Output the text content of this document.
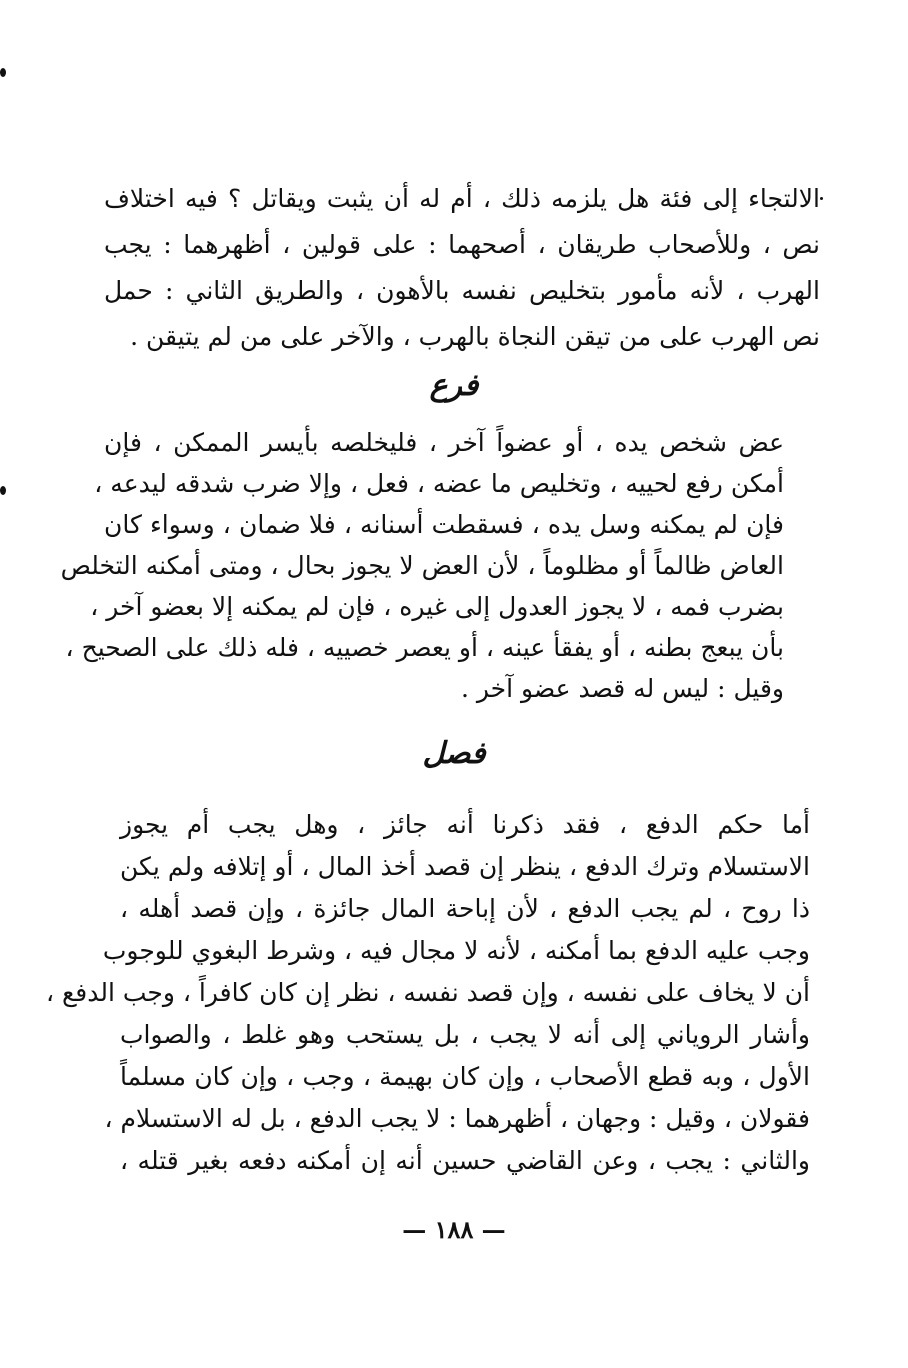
الالتجاء إلى فئة هل يلزمه ذلك ، أم له أن يثبت ويقاتل ؟ فيه اختلاف
نص ، وللأصحاب طريقان ، أصحهما : على قولين ، أظهرهما : يجب
الهرب ، لأنه مأمور بتخليص نفسه بالأهون ، والطريق الثاني : حمل
نص الهرب على من تيقن النجاة بالهرب ، والآخر على من لم يتيقن .
فرع
عض شخص يده ، أو عضواً آخر ، فليخلصه بأيسر الممكن ، فإن
أمكن رفع لحييه ، وتخليص ما عضه ، فعل ، وإلا ضرب شدقه ليدعه ،
فإن لم يمكنه وسل يده ، فسقطت أسنانه ، فلا ضمان ، وسواء كان
العاض ظالماً أو مظلوماً ، لأن العض لا يجوز بحال ، ومتى أمكنه التخلص
بضرب فمه ، لا يجوز العدول إلى غيره ، فإن لم يمكنه إلا بعضو آخر ،
بأن يبعج بطنه ، أو يفقأ عينه ، أو يعصر خصييه ، فله ذلك على الصحيح ،
وقيل : ليس له قصد عضو آخر .
فصل
أما حكم الدفع ، فقد ذكرنا أنه جائز ، وهل يجب أم يجوز
الاستسلام وترك الدفع ، ينظر إن قصد أخذ المال ، أو إتلافه ولم يكن
ذا روح ، لم يجب الدفع ، لأن إباحة المال جائزة ، وإن قصد أهله ،
وجب عليه الدفع بما أمكنه ، لأنه لا مجال فيه ، وشرط البغوي للوجوب
أن لا يخاف على نفسه ، وإن قصد نفسه ، نظر إن كان كافراً ، وجب الدفع ،
وأشار الروياني إلى أنه لا يجب ، بل يستحب وهو غلط ، والصواب
الأول ، وبه قطع الأصحاب ، وإن كان بهيمة ، وجب ، وإن كان مسلماً
فقولان ، وقيل : وجهان ، أظهرهما : لا يجب الدفع ، بل له الاستسلام ،
والثاني : يجب ، وعن القاضي حسين أنه إن أمكنه دفعه بغير قتله ،
— ١٨٨ —
